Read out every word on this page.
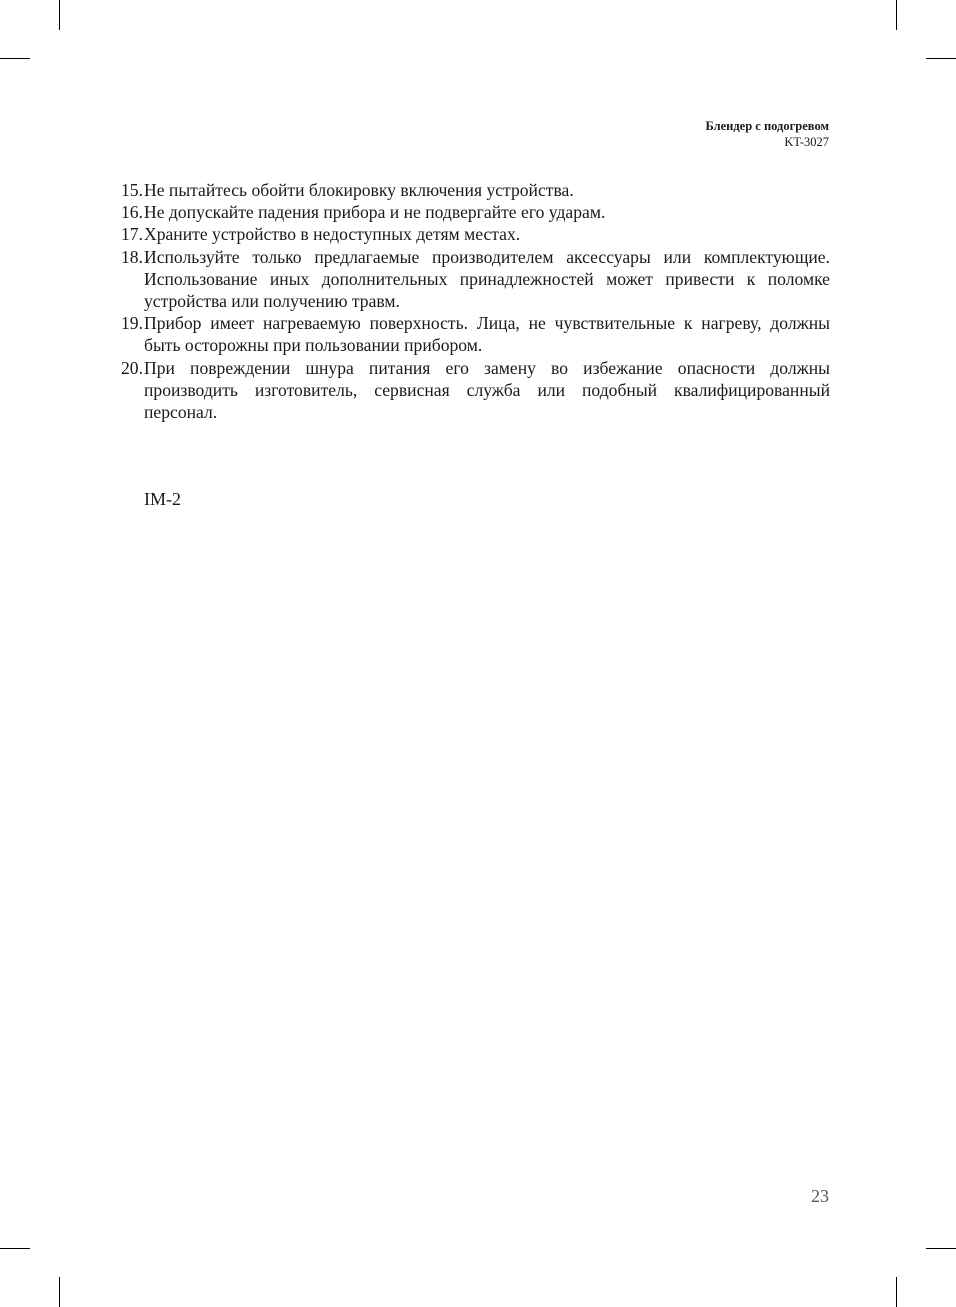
Блендер с подогревом
KT-3027
15. Не пытайтесь обойти блокировку включения устройства.
16. Не допускайте падения прибора и не подвергайте его ударам.
17. Храните устройство в недоступных детям местах.
18. Используйте только предлагаемые производителем аксессуары или комплектующие. Использование иных дополнительных принадлежностей может привести к поломке устройства или получению травм.
19. Прибор имеет нагреваемую поверхность. Лица, не чувствительные к нагреву, должны быть осторожны при пользовании прибором.
20. При повреждении шнура питания его замену во избежание опасности должны производить изготовитель, сервисная служба или подобный квалифицированный персонал.
IM-2
23
